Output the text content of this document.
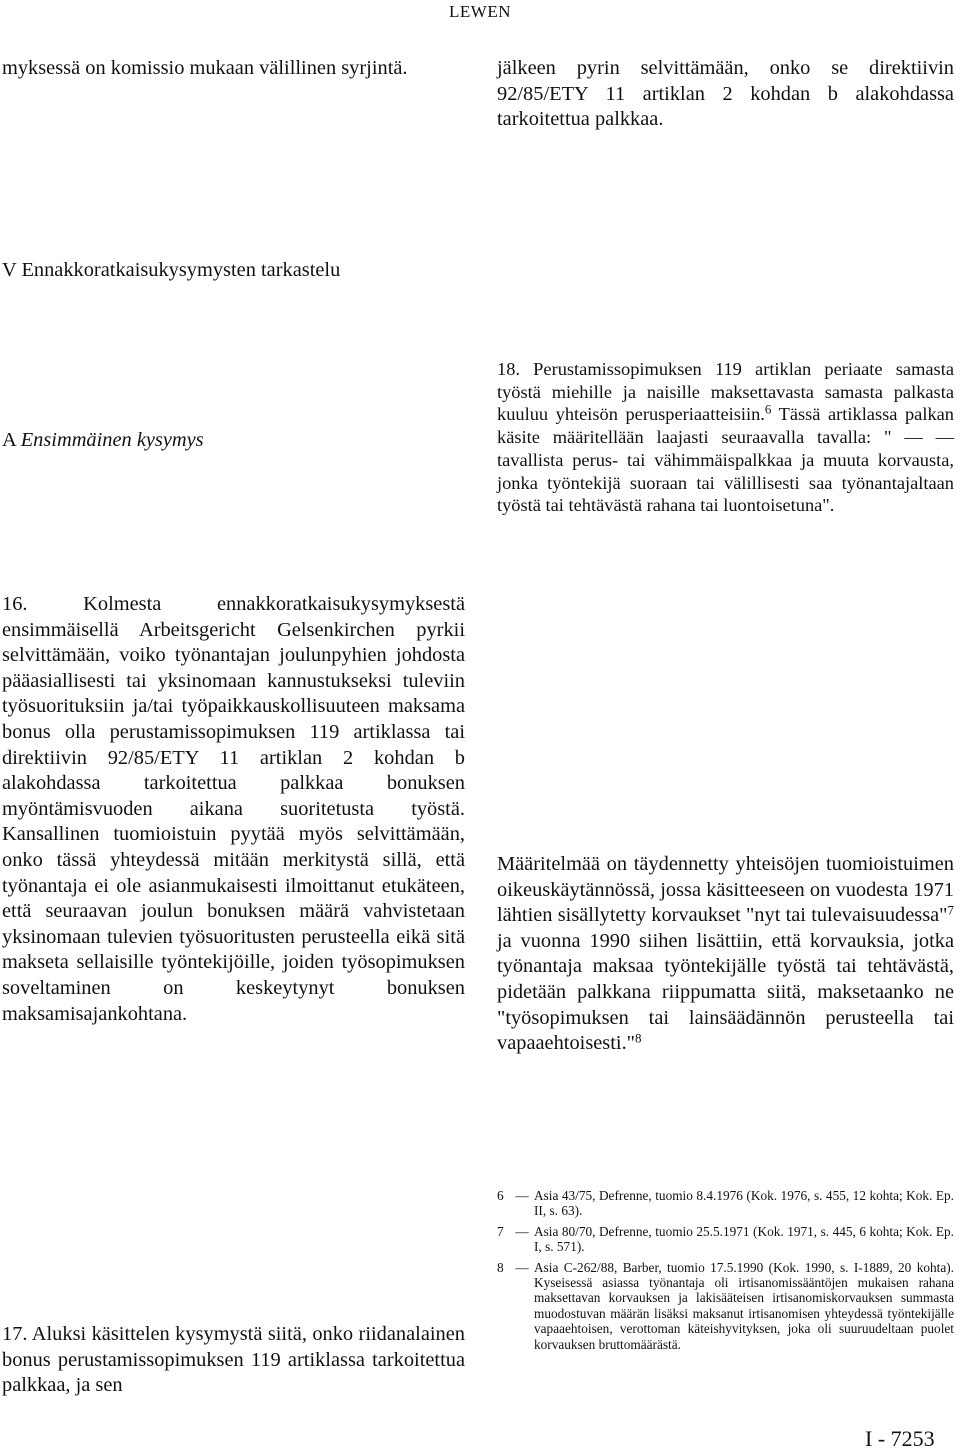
LEWEN
myksessä on komissio mukaan välillinen syrjintä.
V Ennakkoratkaisukysymysten tarkastelu
A Ensimmäinen kysymys
16. Kolmesta ennakkoratkaisukysymyksestä ensimmäisellä Arbeitsgericht Gelsenkirchen pyrkii selvittämään, voiko työnantajan joulunpyhien johdosta pääasiallisesti tai yksinomaan kannustukseksi tuleviin työsuorituksiin ja/tai työpaikkauskollisuuteen maksama bonus olla perustamissopimuksen 119 artiklassa tai direktiivin 92/85/ETY 11 artiklan 2 kohdan b alakohdassa tarkoitettua palkkaa bonuksen myöntämisvuoden aikana suoritetusta työstä. Kansallinen tuomioistuin pyytää myös selvittämään, onko tässä yhteydessä mitään merkitystä sillä, että työnantaja ei ole asianmukaisesti ilmoittanut etukäteen, että seuraavan joulun bonuksen määrä vahvistetaan yksinomaan tulevien työsuoritusten perusteella eikä sitä makseta sellaisille työntekijöille, joiden työsopimuksen soveltaminen on keskeytynyt bonuksen maksamisajankohtana.
17. Aluksi käsittelen kysymystä siitä, onko riidanalainen bonus perustamissopimuksen 119 artiklassa tarkoitettua palkkaa, ja sen
jälkeen pyrin selvittämään, onko se direktiivin 92/85/ETY 11 artiklan 2 kohdan b alakohdassa tarkoitettua palkkaa.
18. Perustamissopimuksen 119 artiklan periaate samasta työstä miehille ja naisille maksettavasta samasta palkasta kuuluu yhteisön perusperiaatteisiin.$^6$ Tässä artiklassa palkan käsite määritellään laajasti seuraavalla tavalla: " — — tavallista perus- tai vähimmäispalkkaa ja muuta korvausta, jonka työntekijä suoraan tai välillisesti saa työnantajaltaan työstä tai tehtävästä rahana tai luontoisetuna".
Määritelmää on täydennetty yhteisöjen tuomioistuimen oikeuskäytännössä, jossa käsitteeseen on vuodesta 1971 lähtien sisällytetty korvaukset "nyt tai tulevaisuudessa"$^7$ ja vuonna 1990 siihen lisättiin, että korvauksia, jotka työnantaja maksaa työntekijälle työstä tai tehtävästä, pidetään palkkana riippumatta siitä, maksetaanko ne "työsopimuksen tai lainsäädännön perusteella tai vapaaehtoisesti."$^8$
6 — Asia 43/75, Defrenne, tuomio 8.4.1976 (Kok. 1976, s. 455, 12 kohta; Kok. Ep. II, s. 63).
7 — Asia 80/70, Defrenne, tuomio 25.5.1971 (Kok. 1971, s. 445, 6 kohta; Kok. Ep. I, s. 571).
8 — Asia C-262/88, Barber, tuomio 17.5.1990 (Kok. 1990, s. I-1889, 20 kohta). Kyseisessä asiassa työnantaja oli irtisanomissääntöjen mukaisen rahana maksettavan korvauksen ja lakisääteisen irtisanomiskorvauksen summasta muodostuvan määrän lisäksi maksanut irtisanomisen yhteydessä työntekijälle vapaaehtoisen, verottoman käteishyvityksen, joka oli suuruudeltaan puolet korvauksen bruttomäärästä.
I - 7253
